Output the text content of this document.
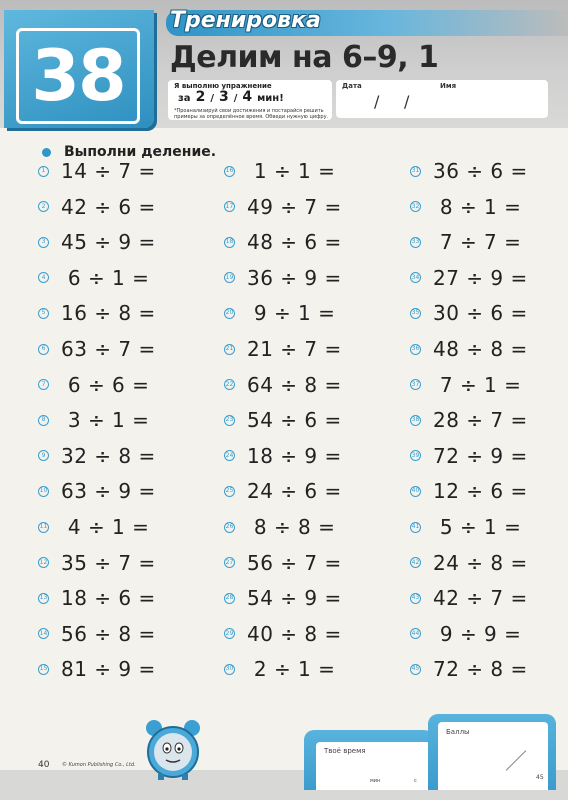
Тренировка
38 Делим на 6–9, 1
Я выполню упражнение
за 2 / 3 / 4 мин!
*Проанализируй свои достижения и постарайся решить примеры за определённое время. Обведи нужную цифру.
Дата	Имя
/ /
Выполни деление.
1 14 ÷ 7 =
2 42 ÷ 6 =
3 45 ÷ 9 =
4 6 ÷ 1 =
5 16 ÷ 8 =
6 63 ÷ 7 =
7 6 ÷ 6 =
8 3 ÷ 1 =
9 32 ÷ 8 =
10 63 ÷ 9 =
11 4 ÷ 1 =
12 35 ÷ 7 =
13 18 ÷ 6 =
14 56 ÷ 8 =
15 81 ÷ 9 =
16 1 ÷ 1 =
17 49 ÷ 7 =
18 48 ÷ 6 =
19 36 ÷ 9 =
20 9 ÷ 1 =
21 21 ÷ 7 =
22 64 ÷ 8 =
23 54 ÷ 6 =
24 18 ÷ 9 =
25 24 ÷ 6 =
26 8 ÷ 8 =
27 56 ÷ 7 =
28 54 ÷ 9 =
29 40 ÷ 8 =
30 2 ÷ 1 =
31 36 ÷ 6 =
32 8 ÷ 1 =
33 7 ÷ 7 =
34 27 ÷ 9 =
35 30 ÷ 6 =
36 48 ÷ 8 =
37 7 ÷ 1 =
38 28 ÷ 7 =
39 72 ÷ 9 =
40 12 ÷ 6 =
41 5 ÷ 1 =
42 24 ÷ 8 =
43 42 ÷ 7 =
44 9 ÷ 9 =
45 72 ÷ 8 =
40	© Kumon Publishing Co., Ltd.
Твоё время
мин	с
Баллы
45
